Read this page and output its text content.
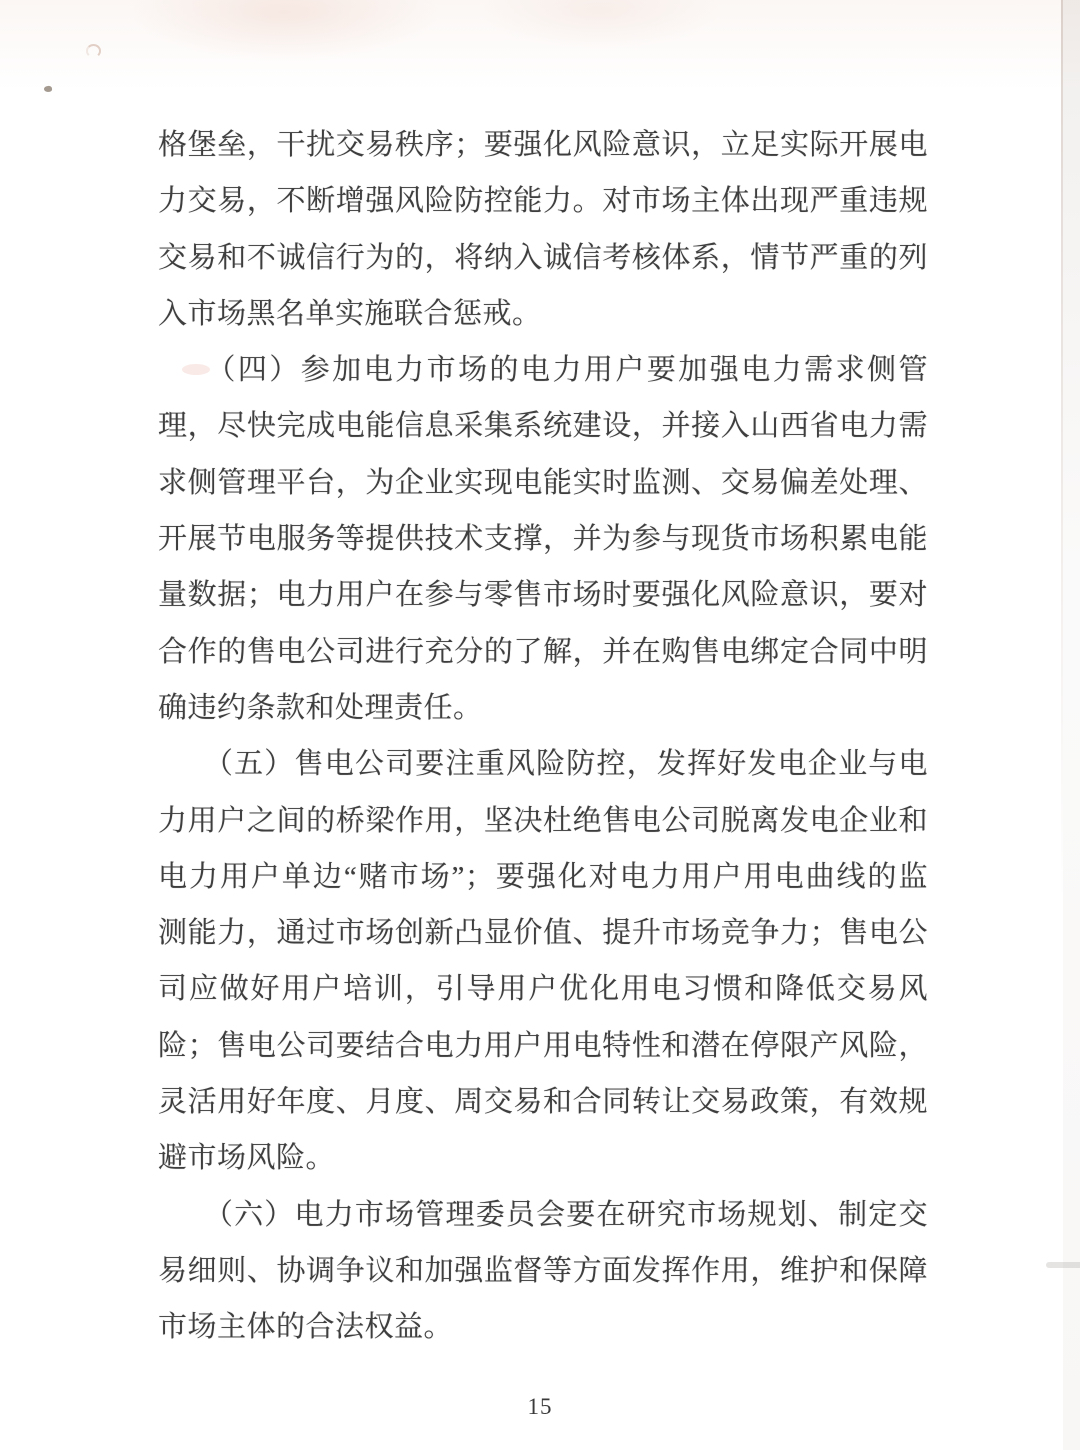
格堡垒，干扰交易秩序；要强化风险意识，立足实际开展电
力交易，不断增强风险防控能力。对市场主体出现严重违规
交易和不诚信行为的，将纳入诚信考核体系，情节严重的列
入市场黑名单实施联合惩戒。
　　（四）参加电力市场的电力用户要加强电力需求侧管
理，尽快完成电能信息采集系统建设，并接入山西省电力需
求侧管理平台，为企业实现电能实时监测、交易偏差处理、
开展节电服务等提供技术支撑，并为参与现货市场积累电能
量数据；电力用户在参与零售市场时要强化风险意识，要对
合作的售电公司进行充分的了解，并在购售电绑定合同中明
确违约条款和处理责任。
　　（五）售电公司要注重风险防控，发挥好发电企业与电
力用户之间的桥梁作用，坚决杜绝售电公司脱离发电企业和
电力用户单边“赌市场”；要强化对电力用户用电曲线的监
测能力，通过市场创新凸显价值、提升市场竞争力；售电公
司应做好用户培训，引导用户优化用电习惯和降低交易风
险；售电公司要结合电力用户用电特性和潜在停限产风险，
灵活用好年度、月度、周交易和合同转让交易政策，有效规
避市场风险。
　　（六）电力市场管理委员会要在研究市场规划、制定交
易细则、协调争议和加强监督等方面发挥作用，维护和保障
市场主体的合法权益。
15
